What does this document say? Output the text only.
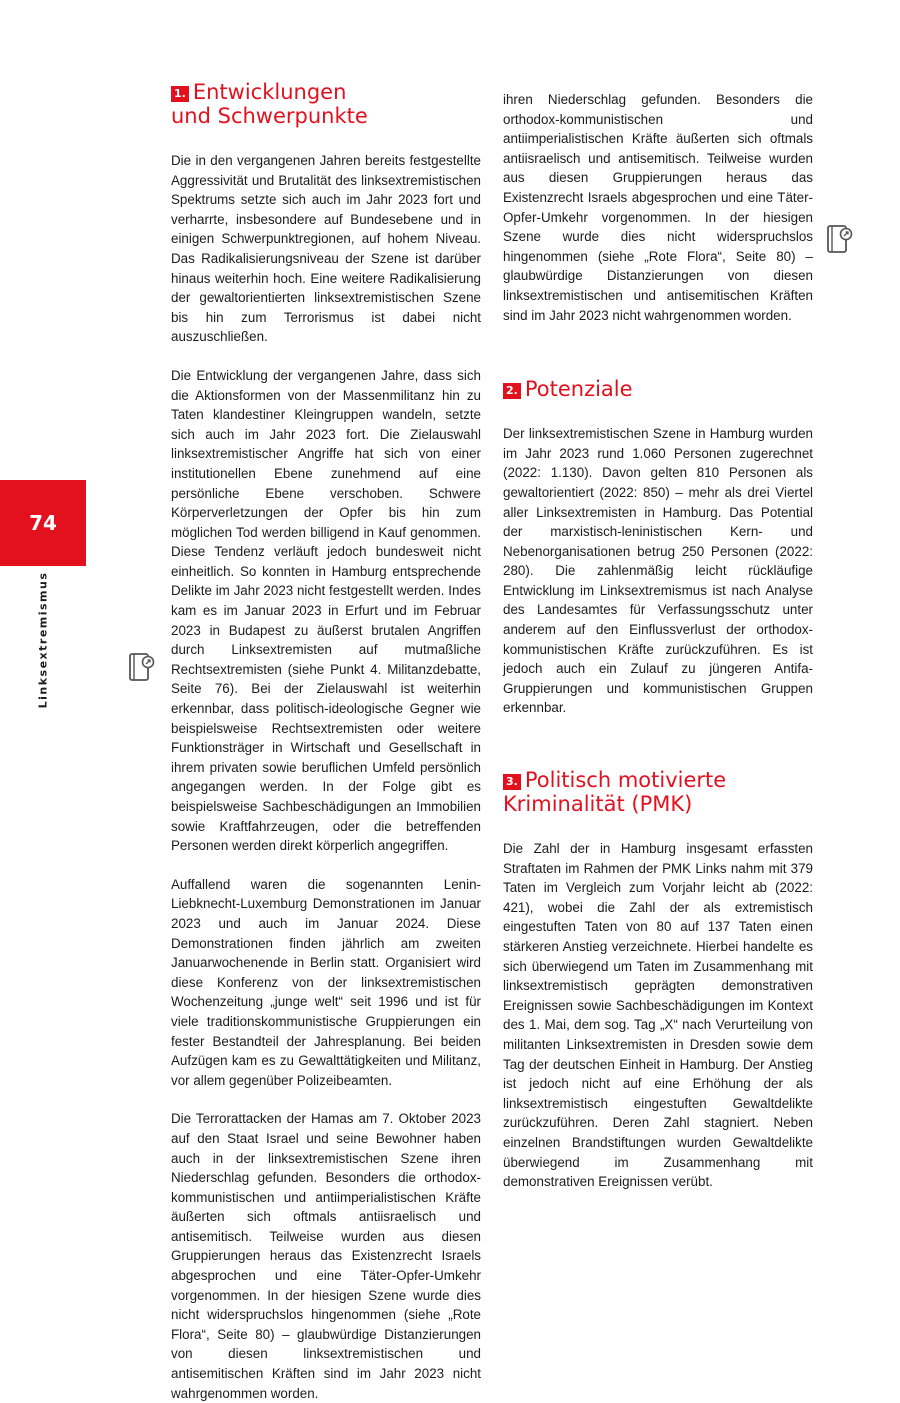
74
Linksextremismus
1. Entwicklungen
und Schwerpunkte

Die in den vergangenen Jahren bereits festgestellte Aggressivität und Brutalität des linksextremistischen Spektrums setzte sich auch im Jahr 2023 fort und verharrte, insbesondere auf Bundesebene und in einigen Schwerpunktregionen, auf hohem Niveau. Das Radikalisierungsniveau der Szene ist darüber hinaus weiterhin hoch. Eine weitere Radikalisierung der gewaltorientierten linksextremistischen Szene bis hin zum Terrorismus ist dabei nicht auszuschließen.

Die Entwicklung der vergangenen Jahre, dass sich die Aktionsformen von der Massenmilitanz hin zu Taten klandestiner Kleingruppen wandeln, setzte sich auch im Jahr 2023 fort. Die Zielauswahl linksextremistischer Angriffe hat sich von einer institutionellen Ebene zunehmend auf eine persönliche Ebene verschoben. Schwere Körperverletzungen der Opfer bis hin zum möglichen Tod werden billigend in Kauf genommen. Diese Tendenz verläuft jedoch bundesweit nicht einheitlich. So konnten in Hamburg entsprechende Delikte im Jahr 2023 nicht festgestellt werden. Indes kam es im Januar 2023 in Erfurt und im Februar 2023 in Budapest zu äußerst brutalen Angriffen durch Linksextremisten auf mutmaßliche Rechtsextremisten (siehe Punkt 4. Militanzdebatte, Seite 76). Bei der Zielauswahl ist weiterhin erkennbar, dass politisch-ideologische Gegner wie beispielsweise Rechtsextremisten oder weitere Funktionsträger in Wirtschaft und Gesellschaft in ihrem privaten sowie beruflichen Umfeld persönlich angegangen werden. In der Folge gibt es beispielsweise Sachbeschädigungen an Immobilien sowie Kraftfahrzeugen, oder die betreffenden Personen werden direkt körperlich angegriffen.

Auffallend waren die sogenannten Lenin-Liebknecht-Luxemburg Demonstrationen im Januar 2023 und auch im Januar 2024. Diese Demonstrationen finden jährlich am zweiten Januarwochenende in Berlin statt. Organisiert wird diese Konferenz von der linksextremistischen Wochenzeitung „junge welt“ seit 1996 und ist für viele traditionskommunistische Gruppierungen ein fester Bestandteil der Jahresplanung. Bei beiden Aufzügen kam es zu Gewalttätigkeiten und Militanz, vor allem gegenüber Polizeibeamten.

Die Terrorattacken der Hamas am 7. Oktober 2023 auf den Staat Israel und seine Bewohner haben auch in der linksextremistischen Szene ihren Niederschlag gefunden. Besonders die orthodox-kommunistischen und antiimperialistischen Kräfte äußerten sich oftmals antiisraelisch und antisemitisch. Teilweise wurden aus diesen Gruppierungen heraus das Existenzrecht Israels abgesprochen und eine Täter-Opfer-Umkehr vorgenommen. In der hiesigen Szene wurde dies nicht widerspruchslos hingenommen (siehe „Rote Flora“, Seite 80) – glaubwürdige Distanzierungen von diesen linksextremistischen und antisemitischen Kräften sind im Jahr 2023 nicht wahrgenommen worden.

ihren Niederschlag gefunden. Besonders die orthodox-kommunistischen und antiimperialistischen Kräfte äußerten sich oftmals antiisraelisch und antisemitisch. Teilweise wurden aus diesen Gruppierungen heraus das Existenzrecht Israels abgesprochen und eine Täter-Opfer-Umkehr vorgenommen. In der hiesigen Szene wurde dies nicht widerspruchslos hingenommen (siehe „Rote Flora“, Seite 80) – glaubwürdige Distanzierungen von diesen linksextremistischen und antisemitischen Kräften sind im Jahr 2023 nicht wahrgenommen worden.

2. Potenziale

Der linksextremistischen Szene in Hamburg wurden im Jahr 2023 rund 1.060 Personen zugerechnet (2022: 1.130). Davon gelten 810 Personen als gewaltorientiert (2022: 850) – mehr als drei Viertel aller Linksextremisten in Hamburg. Das Potential der marxistisch-leninistischen Kern- und Nebenorganisationen betrug 250 Personen (2022: 280). Die zahlenmäßig leicht rückläufige Entwicklung im Linksextremismus ist nach Analyse des Landesamtes für Verfassungsschutz unter anderem auf den Einflussverlust der orthodox-kommunistischen Kräfte zurückzuführen. Es ist jedoch auch ein Zulauf zu jüngeren Antifa-Gruppierungen und kommunistischen Gruppen erkennbar.

3. Politisch motivierte
Kriminalität (PMK)

Die Zahl der in Hamburg insgesamt erfassten Straftaten im Rahmen der PMK Links nahm mit 379 Taten im Vergleich zum Vorjahr leicht ab (2022: 421), wobei die Zahl der als extremistisch eingestuften Taten von 80 auf 137 Taten einen stärkeren Anstieg verzeichnete. Hierbei handelte es sich überwiegend um Taten im Zusammenhang mit linksextremistisch geprägten demonstrativen Ereignissen sowie Sachbeschädigungen im Kontext des 1. Mai, dem sog. Tag „X“ nach Verurteilung von militanten Linksextremisten in Dresden sowie dem Tag der deutschen Einheit in Hamburg. Der Anstieg ist jedoch nicht auf eine Erhöhung der als linksextremistisch eingestuften Gewaltdelikte zurückzuführen. Deren Zahl stagniert. Neben einzelnen Brandstiftungen wurden Gewaltdelikte überwiegend im Zusammenhang mit demonstrativen Ereignissen verübt.
